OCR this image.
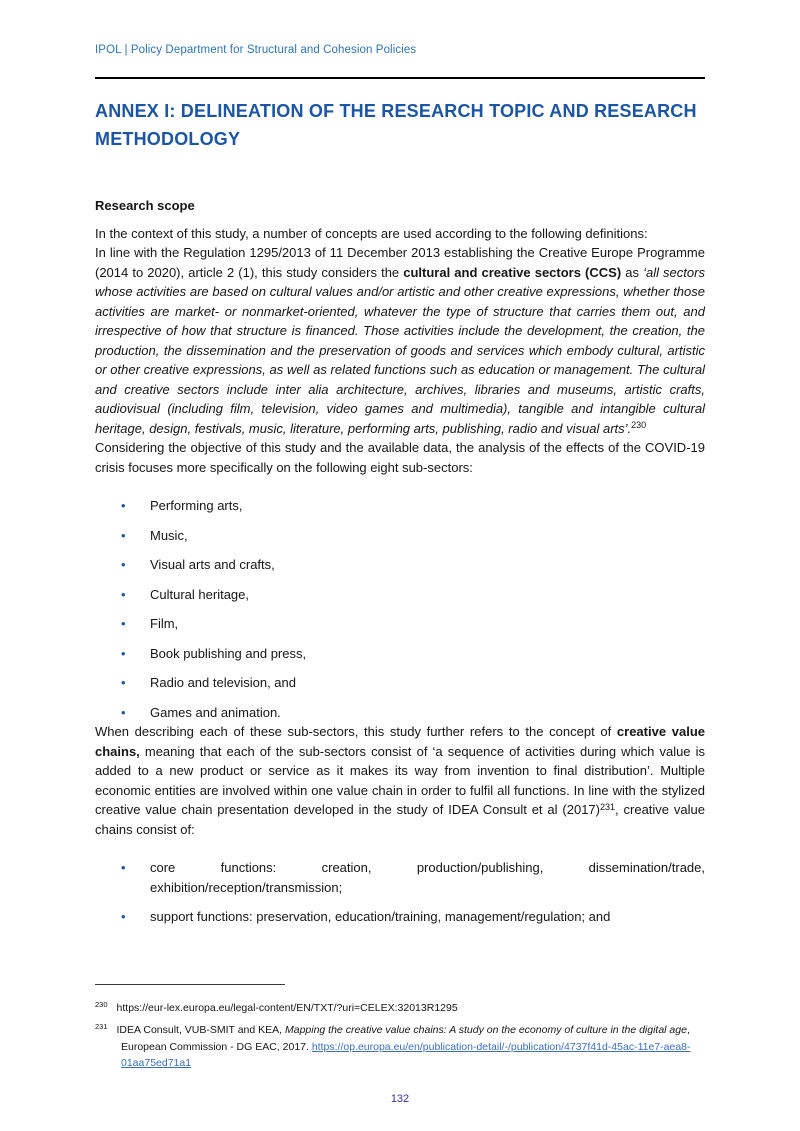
IPOL | Policy Department for Structural and Cohesion Policies
ANNEX I: DELINEATION OF THE RESEARCH TOPIC AND RESEARCH METHODOLOGY
Research scope

In the context of this study, a number of concepts are used according to the following definitions:

In line with the Regulation 1295/2013 of 11 December 2013 establishing the Creative Europe Programme (2014 to 2020), article 2 (1), this study considers the cultural and creative sectors (CCS) as ‘all sectors whose activities are based on cultural values and/or artistic and other creative expressions, whether those activities are market- or nonmarket-oriented, whatever the type of structure that carries them out, and irrespective of how that structure is financed. Those activities include the development, the creation, the production, the dissemination and the preservation of goods and services which embody cultural, artistic or other creative expressions, as well as related functions such as education or management. The cultural and creative sectors include inter alia architecture, archives, libraries and museums, artistic crafts, audiovisual (including film, television, video games and multimedia), tangible and intangible cultural heritage, design, festivals, music, literature, performing arts, publishing, radio and visual arts’.$^{230}$

Considering the objective of this study and the available data, the analysis of the effects of the COVID-19 crisis focuses more specifically on the following eight sub-sectors:

• Performing arts,
• Music,
• Visual arts and crafts,
• Cultural heritage,
• Film,
• Book publishing and press,
• Radio and television, and
• Games and animation.

When describing each of these sub-sectors, this study further refers to the concept of creative value chains, meaning that each of the sub-sectors consist of ‘a sequence of activities during which value is added to a new product or service as it makes its way from invention to final distribution’. Multiple economic entities are involved within one value chain in order to fulfil all functions. In line with the stylized creative value chain presentation developed in the study of IDEA Consult et al $(2017)^{231}$, creative value chains consist of:

• core functions: creation, production/publishing, dissemination/trade, exhibition/reception/transmission;
• support functions: preservation, education/training, management/regulation; and
$^{230}$ https://eur-lex.europa.eu/legal-content/EN/TXT/?uri=CELEX:32013R1295
$^{231}$ IDEA Consult, VUB-SMIT and KEA, Mapping the creative value chains: A study on the economy of culture in the digital age, European Commission - DG EAC, 2017. https://op.europa.eu/en/publication-detail/-/publication/4737f41d-45ac-11e7-aea8-01aa75ed71a1
132
